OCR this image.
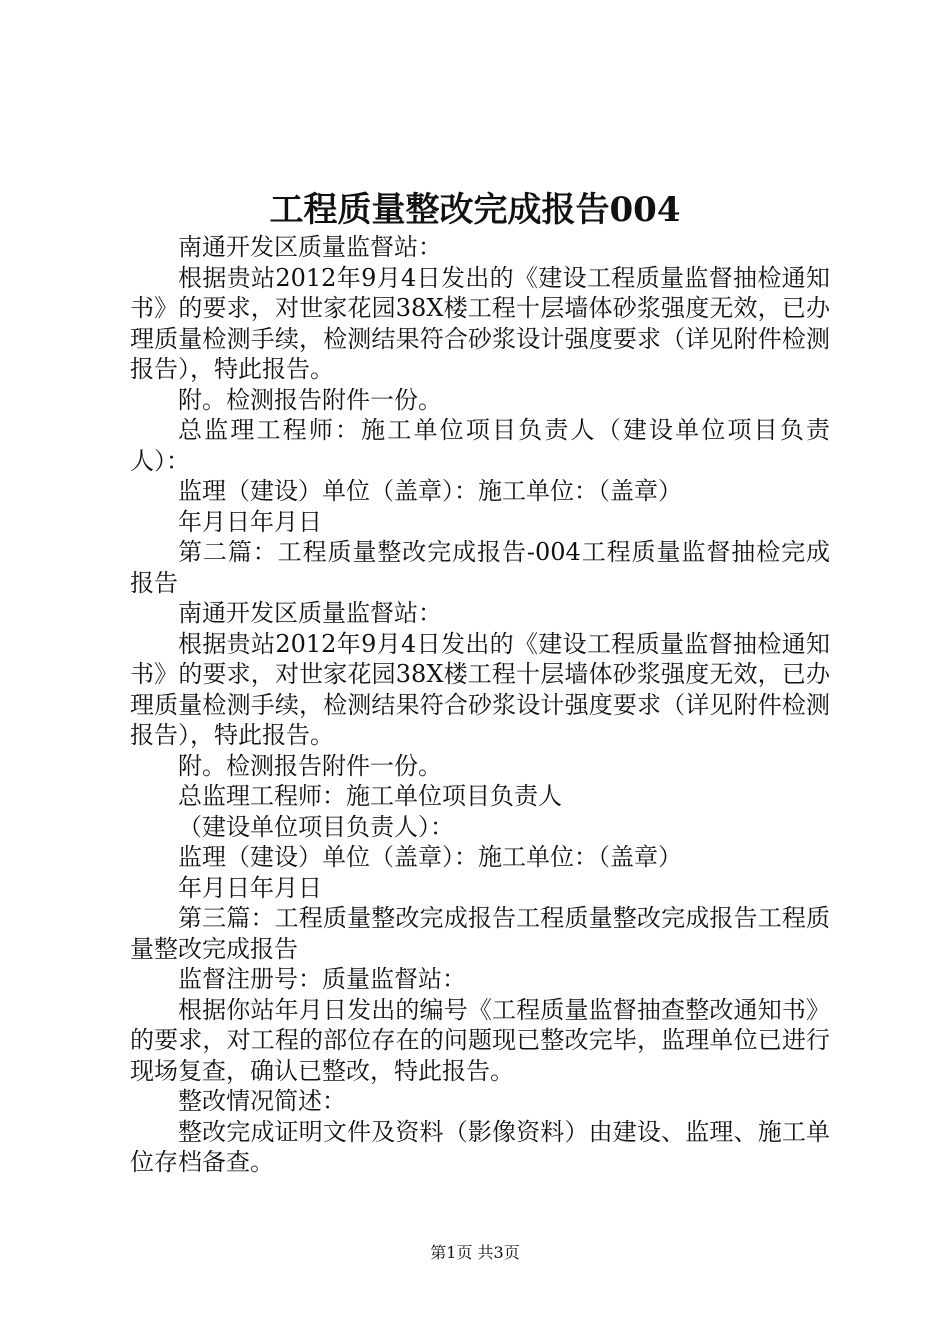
工程质量整改完成报告004

南通开发区质量监督站：

根据贵站2012年9月4日发出的《建设工程质量监督抽检通知书》的要求，对世家花园38X楼工程十层墙体砂浆强度无效，已办理质量检测手续，检测结果符合砂浆设计强度要求（详见附件检测报告），特此报告。

附。检测报告附件一份。

总监理工程师：施工单位项目负责人（建设单位项目负责人）：

监理（建设）单位（盖章）：施工单位：（盖章）

年月日年月日

第二篇：工程质量整改完成报告-004工程质量监督抽检完成报告

南通开发区质量监督站：

根据贵站2012年9月4日发出的《建设工程质量监督抽检通知书》的要求，对世家花园38X楼工程十层墙体砂浆强度无效，已办理质量检测手续，检测结果符合砂浆设计强度要求（详见附件检测报告），特此报告。

附。检测报告附件一份。

总监理工程师：施工单位项目负责人

（建设单位项目负责人）：

监理（建设）单位（盖章）：施工单位：（盖章）

年月日年月日

第三篇：工程质量整改完成报告工程质量整改完成报告工程质量整改完成报告

监督注册号：质量监督站：

根据你站年月日发出的编号《工程质量监督抽查整改通知书》的要求，对工程的部位存在的问题现已整改完毕，监理单位已进行现场复查，确认已整改，特此报告。

整改情况简述：

整改完成证明文件及资料（影像资料）由建设、监理、施工单位存档备查。

第1页 共3页
